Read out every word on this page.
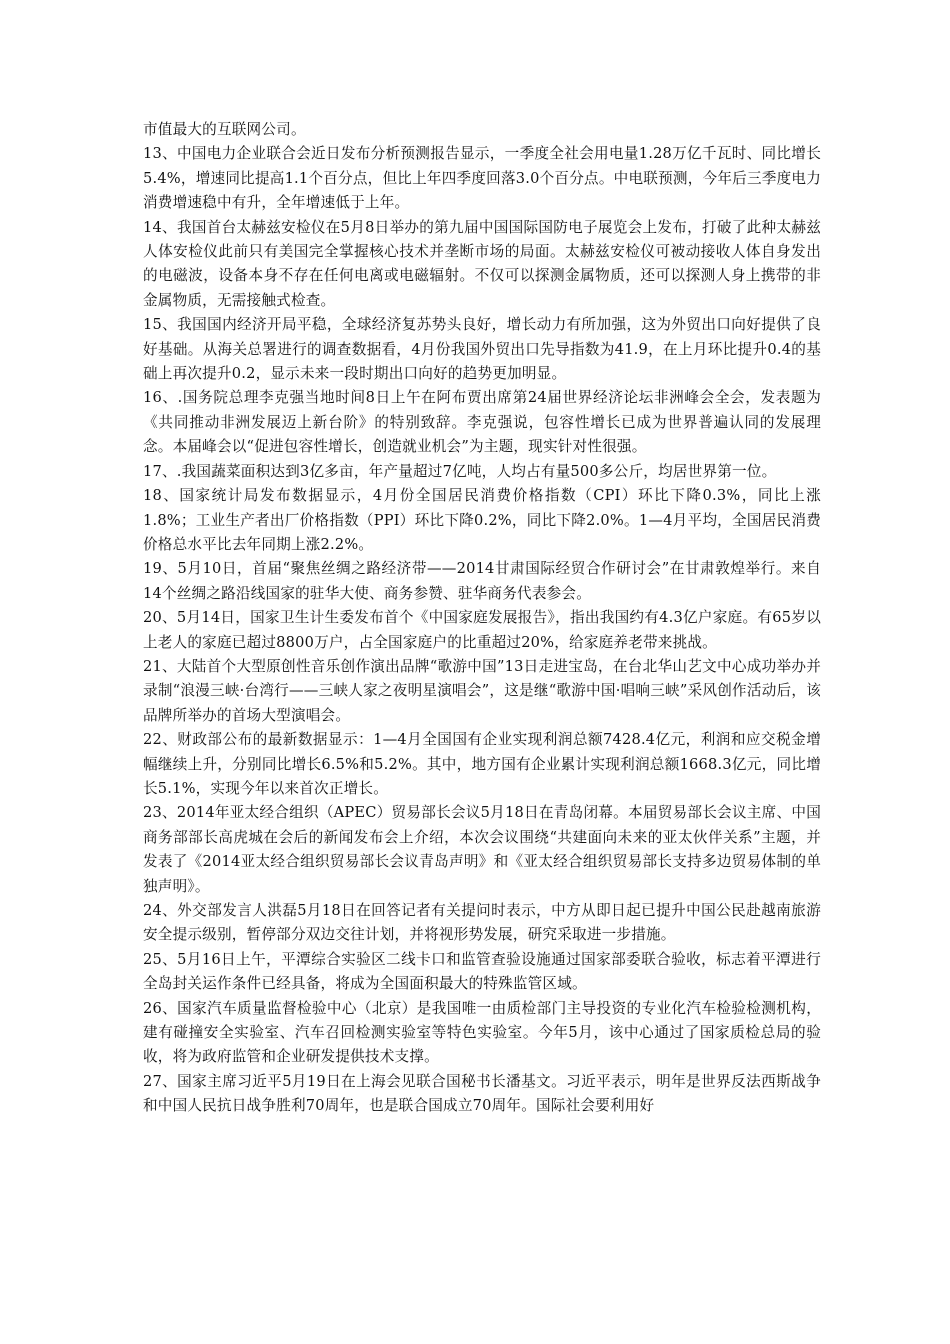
市值最大的互联网公司。

13、中国电力企业联合会近日发布分析预测报告显示，一季度全社会用电量1.28万亿千瓦时、同比增长5.4%，增速同比提高1.1个百分点，但比上年四季度回落3.0个百分点。中电联预测，今年后三季度电力消费增速稳中有升，全年增速低于上年。

14、我国首台太赫兹安检仪在5月8日举办的第九届中国国际国防电子展览会上发布，打破了此种太赫兹人体安检仪此前只有美国完全掌握核心技术并垄断市场的局面。太赫兹安检仪可被动接收人体自身发出的电磁波，设备本身不存在任何电离或电磁辐射。不仅可以探测金属物质，还可以探测人身上携带的非金属物质，无需接触式检查。

15、我国国内经济开局平稳，全球经济复苏势头良好，增长动力有所加强，这为外贸出口向好提供了良好基础。从海关总署进行的调查数据看，4月份我国外贸出口先导指数为41.9，在上月环比提升0.4的基础上再次提升0.2，显示未来一段时期出口向好的趋势更加明显。

16、.国务院总理李克强当地时间8日上午在阿布贾出席第24届世界经济论坛非洲峰会全会，发表题为《共同推动非洲发展迈上新台阶》的特别致辞。李克强说，包容性增长已成为世界普遍认同的发展理念。本届峰会以“促进包容性增长，创造就业机会”为主题，现实针对性很强。

17、.我国蔬菜面积达到3亿多亩，年产量超过7亿吨，人均占有量500多公斤，均居世界第一位。

18、国家统计局发布数据显示，4月份全国居民消费价格指数（CPI）环比下降0.3%，同比上涨1.8%；工业生产者出厂价格指数（PPI）环比下降0.2%，同比下降2.0%。1—4月平均，全国居民消费价格总水平比去年同期上涨2.2%。

19、5月10日，首届“聚焦丝绸之路经济带——2014甘肃国际经贸合作研讨会”在甘肃敦煌举行。来自14个丝绸之路沿线国家的驻华大使、商务参赞、驻华商务代表参会。

20、5月14日，国家卫生计生委发布首个《中国家庭发展报告》，指出我国约有4.3亿户家庭。有65岁以上老人的家庭已超过8800万户，占全国家庭户的比重超过20%，给家庭养老带来挑战。

21、大陆首个大型原创性音乐创作演出品牌“歌游中国”13日走进宝岛，在台北华山艺文中心成功举办并录制“浪漫三峡·台湾行——三峡人家之夜明星演唱会”，这是继“歌游中国·唱响三峡”采风创作活动后，该品牌所举办的首场大型演唱会。

22、财政部公布的最新数据显示：1—4月全国国有企业实现利润总额7428.4亿元，利润和应交税金增幅继续上升，分别同比增长6.5%和5.2%。其中，地方国有企业累计实现利润总额1668.3亿元，同比增长5.1%，实现今年以来首次正增长。

23、2014年亚太经合组织（APEC）贸易部长会议5月18日在青岛闭幕。本届贸易部长会议主席、中国商务部部长高虎城在会后的新闻发布会上介绍，本次会议围绕“共建面向未来的亚太伙伴关系”主题，并发表了《2014亚太经合组织贸易部长会议青岛声明》和《亚太经合组织贸易部长支持多边贸易体制的单独声明》。

24、外交部发言人洪磊5月18日在回答记者有关提问时表示，中方从即日起已提升中国公民赴越南旅游安全提示级别，暂停部分双边交往计划，并将视形势发展，研究采取进一步措施。

25、5月16日上午，平潭综合实验区二线卡口和监管查验设施通过国家部委联合验收，标志着平潭进行全岛封关运作条件已经具备，将成为全国面积最大的特殊监管区域。

26、国家汽车质量监督检验中心（北京）是我国唯一由质检部门主导投资的专业化汽车检验检测机构，建有碰撞安全实验室、汽车召回检测实验室等特色实验室。今年5月，该中心通过了国家质检总局的验收，将为政府监管和企业研发提供技术支撑。

27、国家主席习近平5月19日在上海会见联合国秘书长潘基文。习近平表示，明年是世界反法西斯战争和中国人民抗日战争胜利70周年，也是联合国成立70周年。国际社会要利用好
